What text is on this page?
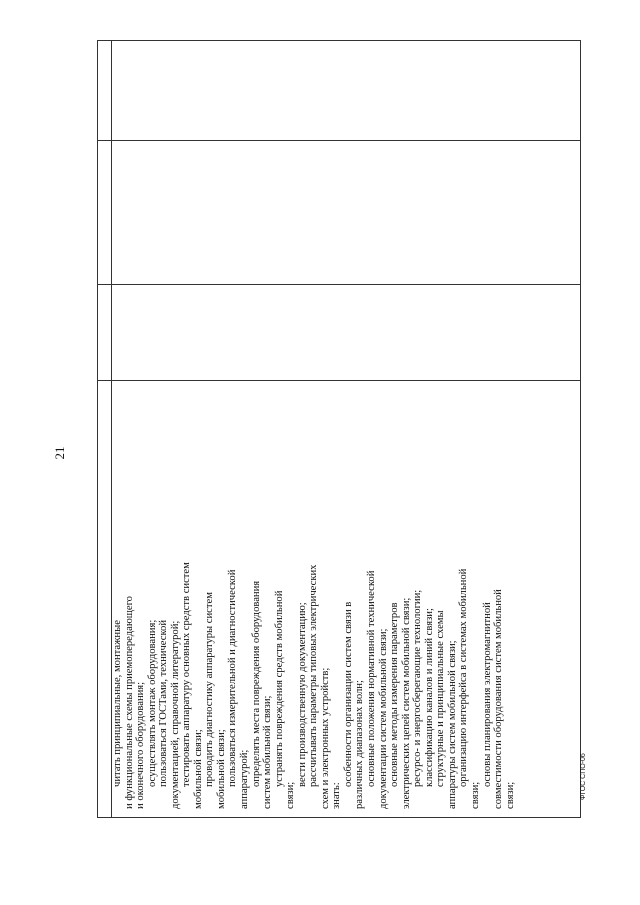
21

читать принципиальные, монтажные и функциональные схемы приемопередающего и оконечного оборудования; осуществлять монтаж оборудования; пользоваться ГОСТами, технической документацией, справочной литературой; тестировать аппаратуру основных средств систем мобильной связи; проводить диагностику аппаратуры систем мобильной связи; пользоваться измерительной и диагностической аппаратурой; определять места повреждения оборудования систем мобильной связи; устранять повреждения средств мобильной

связи;

вести производственную документацию; рассчитывать параметры типовых электрических схем и электронных устройств; знать:

особенности организации систем связи в различных диапазонах волн; основные положения нормативной технической документации систем мобильной связи; основные методы измерения параметров электрических цепей систем мобильной связи; ресурсо- и энергосберегающие технологии; классификацию каналов и линий связи; структурные и принципиальные схемы аппаратуры систем мобильной связи; организацию интерфейса в системах мобильной

связи;

основы планирования электромагнитной совместимости оборудования систем мобильной связи;	ФГОС СПО-06
